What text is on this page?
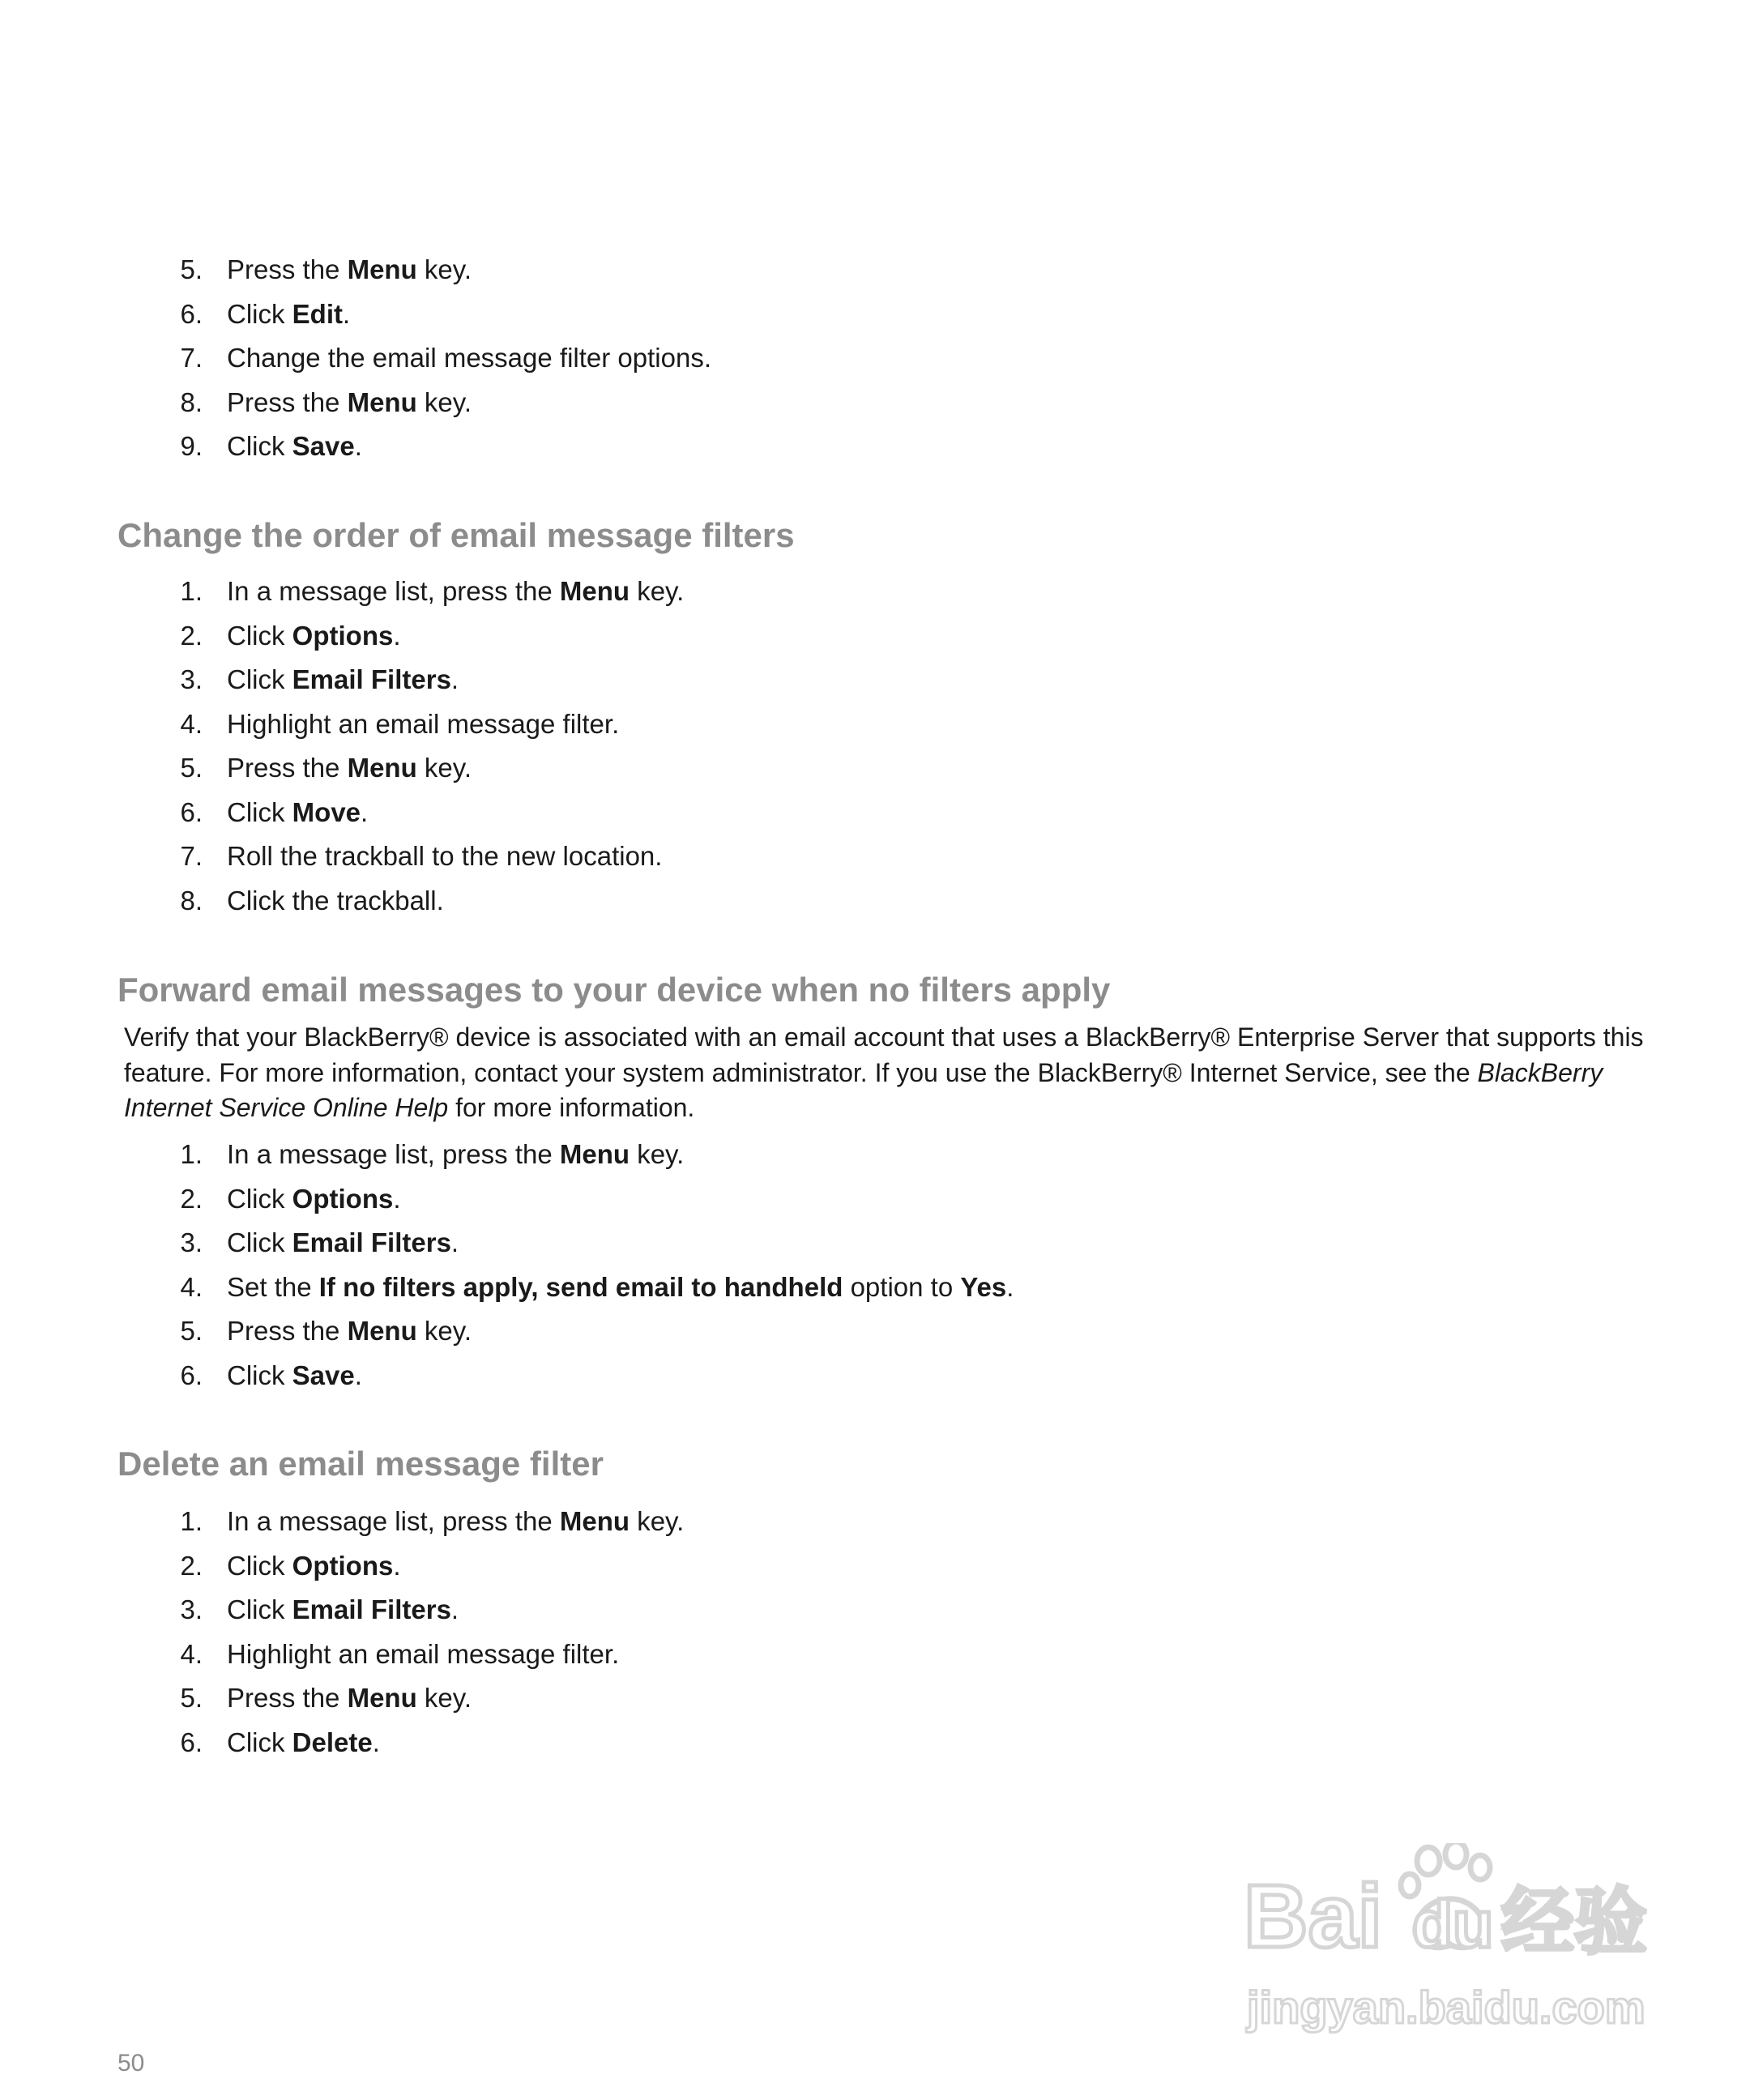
5. Press the Menu key.
6. Click Edit.
7. Change the email message filter options.
8. Press the Menu key.
9. Click Save.
Change the order of email message filters
1. In a message list, press the Menu key.
2. Click Options.
3. Click Email Filters.
4. Highlight an email message filter.
5. Press the Menu key.
6. Click Move.
7. Roll the trackball to the new location.
8. Click the trackball.
Forward email messages to your device when no filters apply

Verify that your BlackBerry® device is associated with an email account that uses a BlackBerry® Enterprise Server that supports this feature. For more information, contact your system administrator. If you use the BlackBerry® Internet Service, see the BlackBerry Internet Service Online Help for more information.

1. In a message list, press the Menu key.
2. Click Options.
3. Click Email Filters.
4. Set the If no filters apply, send email to handheld option to Yes.
5. Press the Menu key.
6. Click Save.
Delete an email message filter
1. In a message list, press the Menu key.
2. Click Options.
3. Click Email Filters.
4. Highlight an email message filter.
5. Press the Menu key.
6. Click Delete.
50
Bai du 经验
jingyan.baidu.com
